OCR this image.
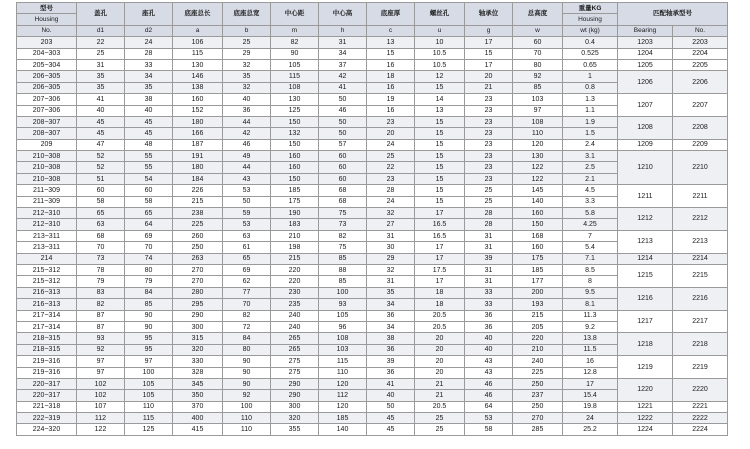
型号	盖孔	座孔	底座总长	底座总宽	中心距	中心高	底座厚	螺丝孔	轴承位	总高度	重量KG	匹配轴承型号	
Housing											Housing		
No.	d1	d2	a	b	m	h	c	u	g	w	wt (kg)	Bearing	No.
203	22	24	106	25	82	31	13	10	17	60	0.4	1203	2203
204~303	25	28	115	29	90	34	15	10.5	15	70	0.525	1204	2204
205~304	31	33	130	32	105	37	16	10.5	17	80	0.65	1205	2205
206~305	35	34	146	35	115	42	18	12	20	92	1	1206	2206
206~305	35	35	138	32	108	41	16	15	21	85	0.8		
207~306	41	38	160	40	130	50	19	14	23	103	1.3	1207	2207
207~306	40	40	152	36	125	46	16	13	23	97	1.1		
208~307	45	45	180	44	150	50	23	15	23	108	1.9	1208	2208
208~307	45	45	166	42	132	50	20	15	23	110	1.5		
209	47	48	187	46	150	57	24	15	23	120	2.4	1209	2209
210~308	52	55	191	49	160	60	25	15	23	130	3.1	1210	2210
210~308	52	55	180	44	160	60	22	15	23	122	2.5		
210~308	51	54	184	43	150	60	23	15	23	122	2.1		
211~309	60	60	226	53	185	68	28	15	25	145	4.5	1211	2211
211~309	58	58	215	50	175	68	24	15	25	140	3.3		
212~310	65	65	238	59	190	75	32	17	28	160	5.8	1212	2212
212~310	63	64	225	53	183	73	27	16.5	28	150	4.25		
213~311	68	69	260	63	210	82	31	16.5	31	168	7	1213	2213
213~311	70	70	250	61	198	75	30	17	31	160	5.4		
214	73	74	263	65	215	85	29	17	39	175	7.1	1214	2214
215~312	78	80	270	69	220	88	32	17.5	31	185	8.5	1215	2215
215~312	79	79	270	62	220	85	31	17	31	177	8		
216~313	83	84	280	77	230	100	35	18	33	200	9.5	1216	2216
216~313	82	85	295	70	235	93	34	18	33	193	8.1		
217~314	87	90	290	82	240	105	36	20.5	36	215	11.3	1217	2217
217~314	87	90	300	72	240	96	34	20.5	36	205	9.2		
218~315	93	95	315	84	265	108	38	20	40	220	13.8	1218	2218
218~315	92	95	320	80	265	103	36	20	40	210	11.5		
219~316	97	97	330	90	275	115	39	20	43	240	16	1219	2219
219~316	97	100	328	90	275	110	36	20	43	225	12.8		
220~317	102	105	345	90	290	120	41	21	46	250	17	1220	2220
220~317	102	105	350	92	290	112	40	21	46	237	15.4		
221~318	107	110	370	100	300	120	50	20.5	64	250	19.8	1221	2221
222~319	112	115	400	110	320	185	45	25	53	270	24	1222	2222
224~320	122	125	415	110	355	140	45	25	58	285	25.2	1224	2224
